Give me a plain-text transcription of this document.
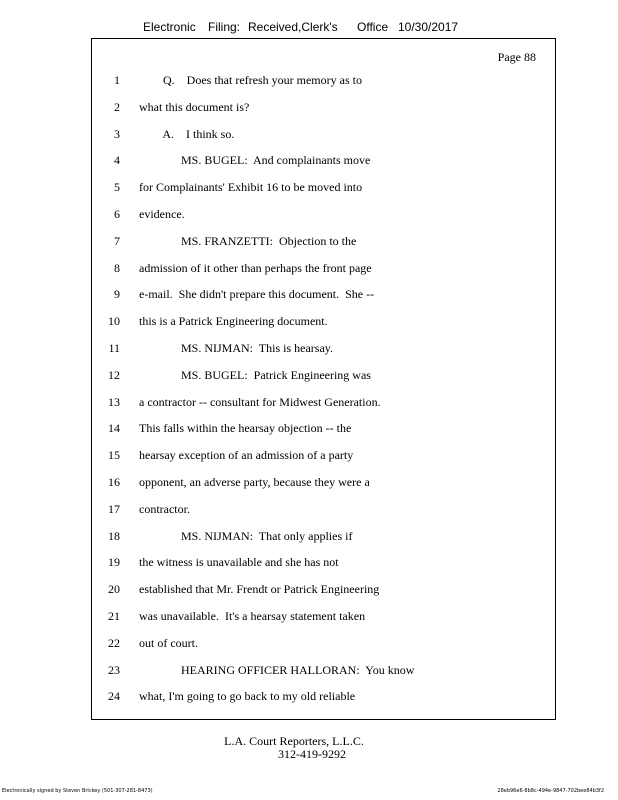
Electronic Filing: Received,Clerk's Office 10/30/2017
Page 88
1 Q.    Does that refresh your memory as to
2 what this document is?
3 A.    I think so.
4 MS. BUGEL:  And complainants move
5 for Complainants' Exhibit 16 to be moved into
6 evidence.
7 MS. FRANZETTI:  Objection to the
8 admission of it other than perhaps the front page
9 e-mail.  She didn't prepare this document.  She --
10 this is a Patrick Engineering document.
11 MS. NIJMAN:  This is hearsay.
12 MS. BUGEL:  Patrick Engineering was
13 a contractor -- consultant for Midwest Generation.
14 This falls within the hearsay objection -- the
15 hearsay exception of an admission of a party
16 opponent, an adverse party, because they were a
17 contractor.
18 MS. NIJMAN:  That only applies if
19 the witness is unavailable and she has not
20 established that Mr. Frendt or Patrick Engineering
21 was unavailable.  It's a hearsay statement taken
22 out of court.
23 HEARING OFFICER HALLORAN:  You know
24 what, I'm going to go back to my old reliable
L.A. Court Reporters, L.L.C.
312-419-9292
Electronically signed by Steven Brickey (501-307-281-8473)	28eb96e6-8b8c-494e-9847-702bee84b3f2
